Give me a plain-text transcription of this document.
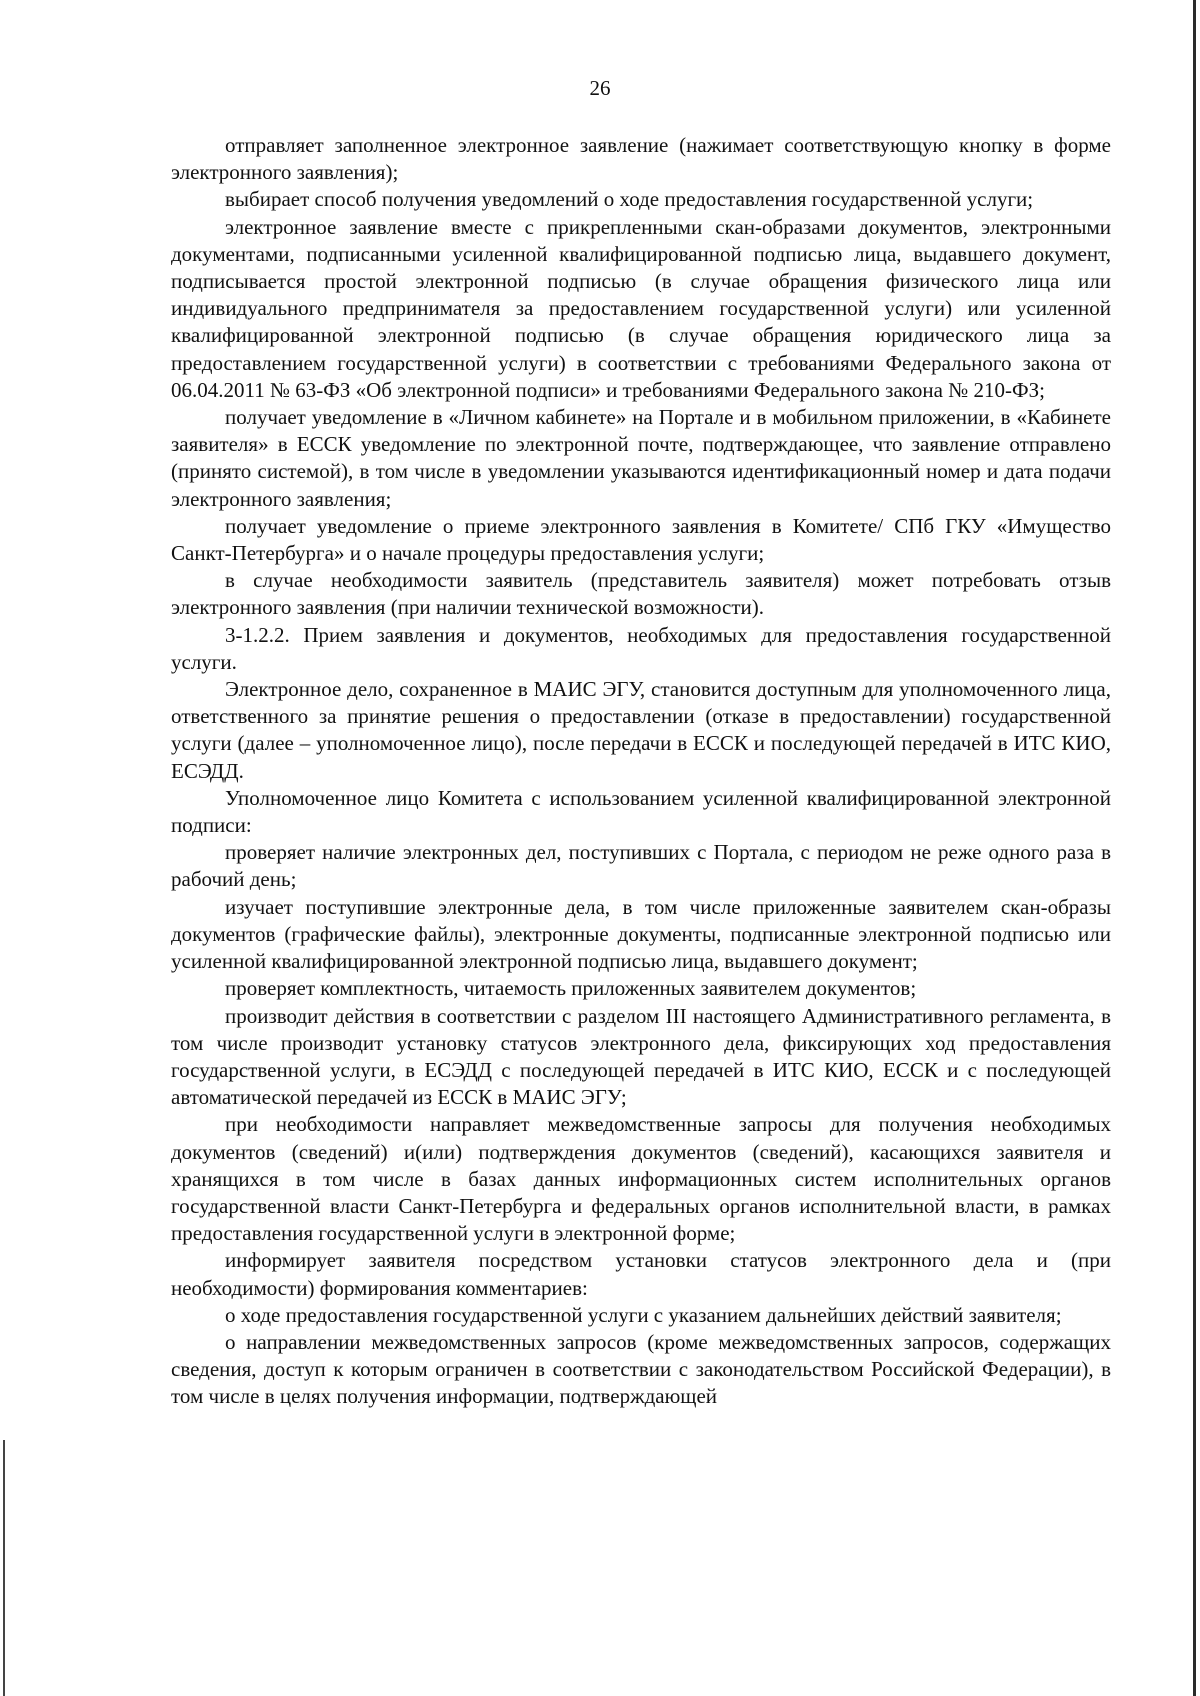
26

отправляет заполненное электронное заявление (нажимает соответствующую кнопку в форме электронного заявления);

выбирает способ получения уведомлений о ходе предоставления государственной услуги;

электронное заявление вместе с прикрепленными скан-образами документов, электронными документами, подписанными усиленной квалифицированной подписью лица, выдавшего документ, подписывается простой электронной подписью (в случае обращения физического лица или индивидуального предпринимателя за предоставлением государственной услуги) или усиленной квалифицированной электронной подписью (в случае обращения юридического лица за предоставлением государственной услуги) в соответствии с требованиями Федерального закона от 06.04.2011 № 63-ФЗ «Об электронной подписи» и требованиями Федерального закона № 210-ФЗ;

получает уведомление в «Личном кабинете» на Портале и в мобильном приложении, в «Кабинете заявителя» в ЕССК уведомление по электронной почте, подтверждающее, что заявление отправлено (принято системой), в том числе в уведомлении указываются идентификационный номер и дата подачи электронного заявления;

получает уведомление о приеме электронного заявления в Комитете/ СПб ГКУ «Имущество Санкт-Петербурга» и о начале процедуры предоставления услуги;

в случае необходимости заявитель (представитель заявителя) может потребовать отзыв электронного заявления (при наличии технической возможности).

3-1.2.2. Прием заявления и документов, необходимых для предоставления государственной услуги.

Электронное дело, сохраненное в МАИС ЭГУ, становится доступным для уполномоченного лица, ответственного за принятие решения о предоставлении (отказе в предоставлении) государственной услуги (далее – уполномоченное лицо), после передачи в ЕССК и последующей передачей в ИТС КИО, ЕСЭДД.

Уполномоченное лицо Комитета с использованием усиленной квалифицированной электронной подписи:

проверяет наличие электронных дел, поступивших с Портала, с периодом не реже одного раза в рабочий день;

изучает поступившие электронные дела, в том числе приложенные заявителем скан-образы документов (графические файлы), электронные документы, подписанные электронной подписью или усиленной квалифицированной электронной подписью лица, выдавшего документ;

проверяет комплектность, читаемость приложенных заявителем документов;

производит действия в соответствии с разделом III настоящего Административного регламента, в том числе производит установку статусов электронного дела, фиксирующих ход предоставления государственной услуги, в ЕСЭДД с последующей передачей в ИТС КИО, ЕССК и с последующей автоматической передачей из ЕССК в МАИС ЭГУ;

при необходимости направляет межведомственные запросы для получения необходимых документов (сведений) и(или) подтверждения документов (сведений), касающихся заявителя и хранящихся в том числе в базах данных информационных систем исполнительных органов государственной власти Санкт-Петербурга и федеральных органов исполнительной власти, в рамках предоставления государственной услуги в электронной форме;

информирует заявителя посредством установки статусов электронного дела и (при необходимости) формирования комментариев:

о ходе предоставления государственной услуги с указанием дальнейших действий заявителя;

о направлении межведомственных запросов (кроме межведомственных запросов, содержащих сведения, доступ к которым ограничен в соответствии с законодательством Российской Федерации), в том числе в целях получения информации, подтверждающей
